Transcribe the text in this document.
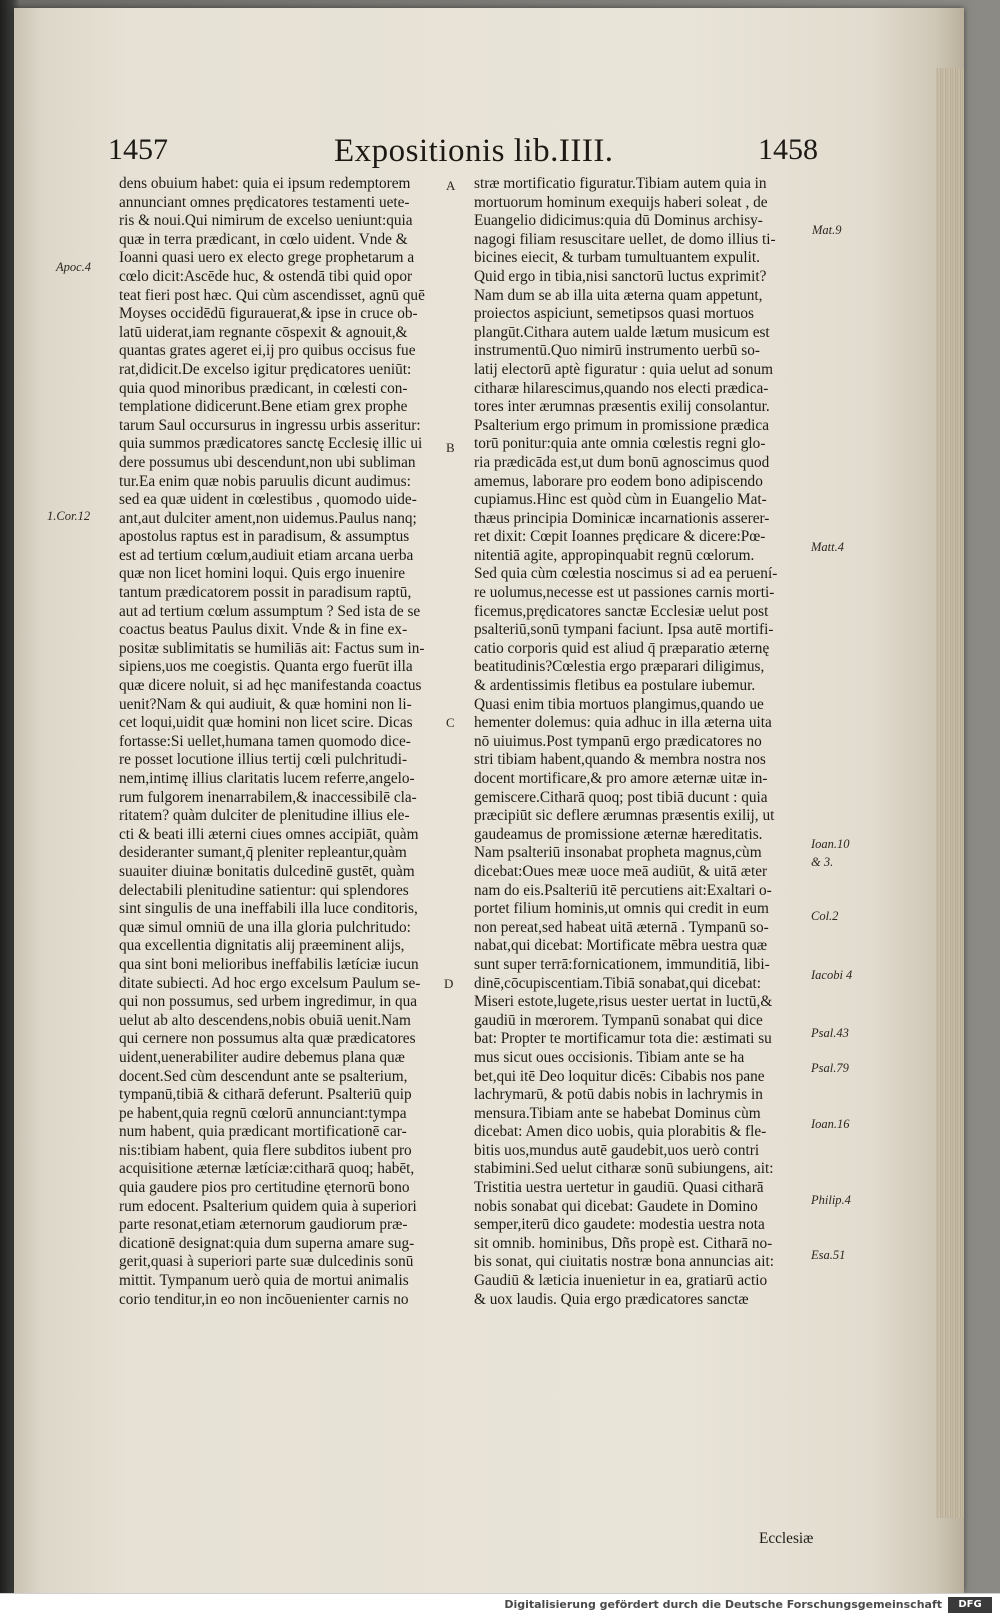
1457	Expositionis lib.IIII.	1458
dens obuium habet: quia ei ipsum redemptorem
annunciant omnes prędicatores testamenti uete-
ris & noui.Qui nimirum de excelso ueniunt:quia
quæ in terra prædicant, in cœlo uident. Vnde &
Ioanni quasi uero ex electo grege prophetarum a
cœlo dicit:Ascēde huc, & ostendā tibi quid opor
teat fieri post hæc. Qui cùm ascendisset, agnū quē
Moyses occidēdū figurauerat,& ipse in cruce ob-
latū uiderat,iam regnante cōspexit & agnouit,&
quantas grates ageret ei,ij pro quibus occisus fue
rat,didicit.De excelso igitur prędicatores ueniūt:
quia quod minoribus prædicant, in cœlesti con-
templatione didicerunt.Bene etiam grex prophe
tarum Saul occursurus in ingressu urbis asseritur:
quia summos prædicatores sanctę Ecclesię illic ui
dere possumus ubi descendunt,non ubi subliman
tur.Ea enim quæ nobis paruulis dicunt audimus:
sed ea quæ uident in cœlestibus , quomodo uide-
ant,aut dulciter ament,non uidemus.Paulus nanq;
apostolus raptus est in paradisum, & assumptus
est ad tertium cœlum,audiuit etiam arcana uerba
quæ non licet homini loqui. Quis ergo inuenire
tantum prædicatorem possit in paradisum raptū,
aut ad tertium cœlum assumptum ? Sed ista de se
coactus beatus Paulus dixit. Vnde & in fine ex-
positæ sublimitatis se humiliās ait: Factus sum in-
sipiens,uos me coegistis. Quanta ergo fuerūt illa
quæ dicere noluit, si ad hęc manifestanda coactus
uenit?Nam & qui audiuit, & quæ homini non li-
cet loqui,uidit quæ homini non licet scire. Dicas
fortasse:Si uellet,humana tamen quomodo dice-
re posset locutione illius tertij cœli pulchritudi-
nem,intimę illius claritatis lucem referre,angelo-
rum fulgorem inenarrabilem,& inaccessibilē cla-
ritatem? quàm dulciter de plenitudine illius ele-
cti & beati illi æterni ciues omnes accipiāt, quàm
desideranter sumant,q̄ pleniter repleantur,quàm
suauiter diuinæ bonitatis dulcedinē gustēt, quàm
delectabili plenitudine satientur: qui splendores
sint singulis de una ineffabili illa luce conditoris,
quæ simul omniū de una illa gloria pulchritudo:
qua excellentia dignitatis alij præeminent alijs,
qua sint boni melioribus ineffabilis lætíciæ iucun
ditate subiecti. Ad hoc ergo excelsum Paulum se-
qui non possumus, sed urbem ingredimur, in qua
uelut ab alto descendens,nobis obuiā uenit.Nam
qui cernere non possumus alta quæ prædicatores
uident,uenerabiliter audire debemus plana quæ
docent.Sed cùm descendunt ante se psalterium,
tympanū,tibiā & citharā deferunt. Psalteriū quip
pe habent,quia regnū cœlorū annunciant:tympa
num habent, quia prædicant mortificationē car-
nis:tibiam habent, quia flere subditos iubent pro
acquisitione æternæ lætíciæ:citharā quoq; habēt,
quia gaudere pios pro certitudine ęternorū bono
rum edocent. Psalterium quidem quia à superiori
parte resonat,etiam æternorum gaudiorum præ-
dicationē designat:quia dum superna amare sug-
gerit,quasi à superiori parte suæ dulcedinis sonū
mittit. Tympanum uerò quia de mortui animalis
corio tenditur,in eo non incōuenienter carnis no
stræ mortificatio figuratur.Tibiam autem quia in
mortuorum hominum exequijs haberi soleat , de
Euangelio didicimus:quia dū Dominus archisy-
nagogi filiam resuscitare uellet, de domo illius ti-
bicines eiecit, & turbam tumultuantem expulit.
Quid ergo in tibia,nisi sanctorū luctus exprimit?
Nam dum se ab illa uita æterna quam appetunt,
proiectos aspiciunt, semetipsos quasi mortuos
plangūt.Cithara autem ualde lætum musicum est
instrumentū.Quo nimirū instrumento uerbū so-
latij electorū aptè figuratur : quia uelut ad sonum
citharæ hilarescimus,quando nos electi prædica-
tores inter ærumnas præsentis exilij consolantur.
Psalterium ergo primum in promissione prædica
torū ponitur:quia ante omnia cœlestis regni glo-
ria prædicāda est,ut dum bonū agnoscimus quod
amemus, laborare pro eodem bono adipiscendo
cupiamus.Hinc est quòd cùm in Euangelio Mat-
thæus principia Dominicæ incarnationis asserer-
ret dixit: Cœpit Ioannes prędicare & dicere:Pœ-
nitentiā agite, appropinquabit regnū cœlorum.
Sed quia cùm cœlestia noscimus si ad ea peruení-
re uolumus,necesse est ut passiones carnis morti-
ficemus,prędicatores sanctæ Ecclesiæ uelut post
psalteriū,sonū tympani faciunt. Ipsa autē mortifi-
catio corporis quid est aliud q̄ præparatio æternę
beatitudinis?Cœlestia ergo præparari diligimus,
& ardentissimis fletibus ea postulare iubemur.
Quasi enim tibia mortuos plangimus,quando ue
hementer dolemus: quia adhuc in illa æterna uita
nō uiuimus.Post tympanū ergo prædicatores no
stri tibiam habent,quando & membra nostra nos
docent mortificare,& pro amore æternæ uitæ in-
gemiscere.Citharā quoq; post tibiā ducunt : quia
præcipiūt sic deflere ærumnas præsentis exilij, ut
gaudeamus de promissione æternæ hæreditatis.
Nam psalteriū insonabat propheta magnus,cùm
dicebat:Oues meæ uoce meā audiūt, & uitā æter
nam do eis.Psalteriū itē percutiens ait:Exaltari o-
portet filium hominis,ut omnis qui credit in eum
non pereat,sed habeat uitā æternā . Tympanū so-
nabat,qui dicebat: Mortificate mēbra uestra quæ
sunt super terrā:fornicationem, immunditiā, libi-
dinē,cōcupiscentiam.Tibiā sonabat,qui dicebat:
Miseri estote,lugete,risus uester uertat in luctū,&
gaudiū in mœrorem. Tympanū sonabat qui dice
bat: Propter te mortificamur tota die: æstimati su
mus sicut oues occisionis. Tibiam ante se ha
bet,qui itē Deo loquitur dicēs: Cibabis nos pane
lachrymarū, & potū dabis nobis in lachrymis in
mensura.Tibiam ante se habebat Dominus cùm
dicebat: Amen dico uobis, quia plorabitis & fle-
bitis uos,mundus autē gaudebit,uos uerò contri
stabimini.Sed uelut citharæ sonū subiungens, ait:
Tristitia uestra uertetur in gaudiū. Quasi citharā
nobis sonabat qui dicebat: Gaudete in Domino
semper,iterū dico gaudete: modestia uestra nota
sit omnib. hominibus, Dñs propè est. Citharā no-
bis sonat, qui ciuitatis nostræ bona annuncias ait:
Gaudiū & læticia inuenietur in ea, gratiarū actio
& uox laudis. Quia ergo prædicatores sanctæ
A
B
C
D
Apoc.4
1.Cor.12
Mat.9
Matt.4
Ioan.10
& 3.
Col.2
Iacobi 4
Psal.43
Psal.79
Ioan.16
Philip.4
Esa.51
Ecclesiæ
Digitalisierung gefördert durch die Deutsche Forschungsgemeinschaft	DFG
